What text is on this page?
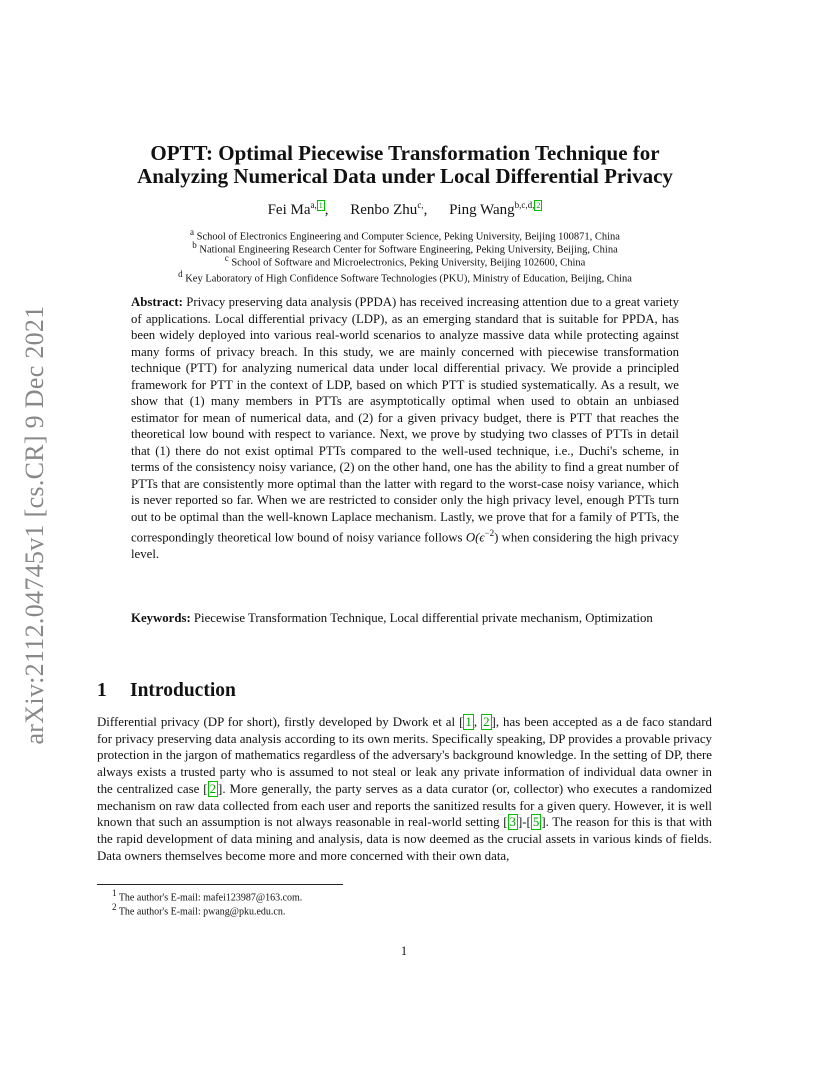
arXiv:2112.04745v1 [cs.CR] 9 Dec 2021
OPTT: Optimal Piecewise Transformation Technique for
Analyzing Numerical Data under Local Differential Privacy
Fei $Ma^{a,}$ $^1$ , Renbo Zhu$^{c,}$, Ping Wang$^{b,c,d,}$ $^2$
$^a$ School of Electronics Engineering and Computer Science, Peking University, Beijing 100871, China
$^b$ National Engineering Research Center for Software Engineering, Peking University, Beijing, China
$^c$ School of Software and Microelectronics, Peking University, Beijing 102600, China
$^d$ Key Laboratory of High Confidence Software Technologies (PKU), Ministry of Education, Beijing, China
Abstract: Privacy preserving data analysis (PPDA) has received increasing attention due to a great variety of applications. Local differential privacy (LDP), as an emerging standard that is suitable for PPDA, has been widely deployed into various real-world scenarios to analyze massive data while protecting against many forms of privacy breach. In this study, we are mainly concerned with piecewise transformation technique (PTT) for analyzing numerical data under local differential privacy. We provide a principled framework for PTT in the context of LDP, based on which PTT is studied systematically. As a result, we show that (1) many members in PTTs are asymptotically optimal when used to obtain an unbiased estimator for mean of numerical data, and (2) for a given privacy budget, there is PTT that reaches the theoretical low bound with respect to variance. Next, we prove by studying two classes of PTTs in detail that (1) there do not exist optimal PTTs compared to the well-used technique, i.e., Duchi's scheme, in terms of the consistency noisy variance, (2) on the other hand, one has the ability to find a great number of PTTs that are consistently more optimal than the latter with regard to the worst-case noisy variance, which is never reported so far. When we are restricted to consider only the high privacy level, enough PTTs turn out to be optimal than the well-known Laplace mechanism. Lastly, we prove that for a family of PTTs, the correspondingly theoretical low bound of noisy variance follows $O(\epsilon^{-2})$ when considering the high privacy level.
Keywords: Piecewise Transformation Technique, Local differential private mechanism, Optimization
1 Introduction
Differential privacy (DP for short), firstly developed by Dwork et al [ 1 , 2 ], has been accepted as a de faco standard for privacy preserving data analysis according to its own merits. Specifically speaking, DP provides a provable privacy protection in the jargon of mathematics regardless of the adversary's background knowledge. In the setting of DP, there always exists a trusted party who is assumed to not steal or leak any private information of individual data owner in the centralized case [ 2 ]. More generally, the party serves as a data curator (or, collector) who executes a randomized mechanism on raw data collected from each user and reports the sanitized results for a given query. However, it is well known that such an assumption is not always reasonable in real-world setting [ 3 ]-[ 5 ]. The reason for this is that with the rapid development of data mining and analysis, data is now deemed as the crucial assets in various kinds of fields. Data owners themselves become more and more concerned with their own data,
$^1$ The author's E-mail: mafei123987@163.com.
$^2$ The author's E-mail: pwang@pku.edu.cn.
1
